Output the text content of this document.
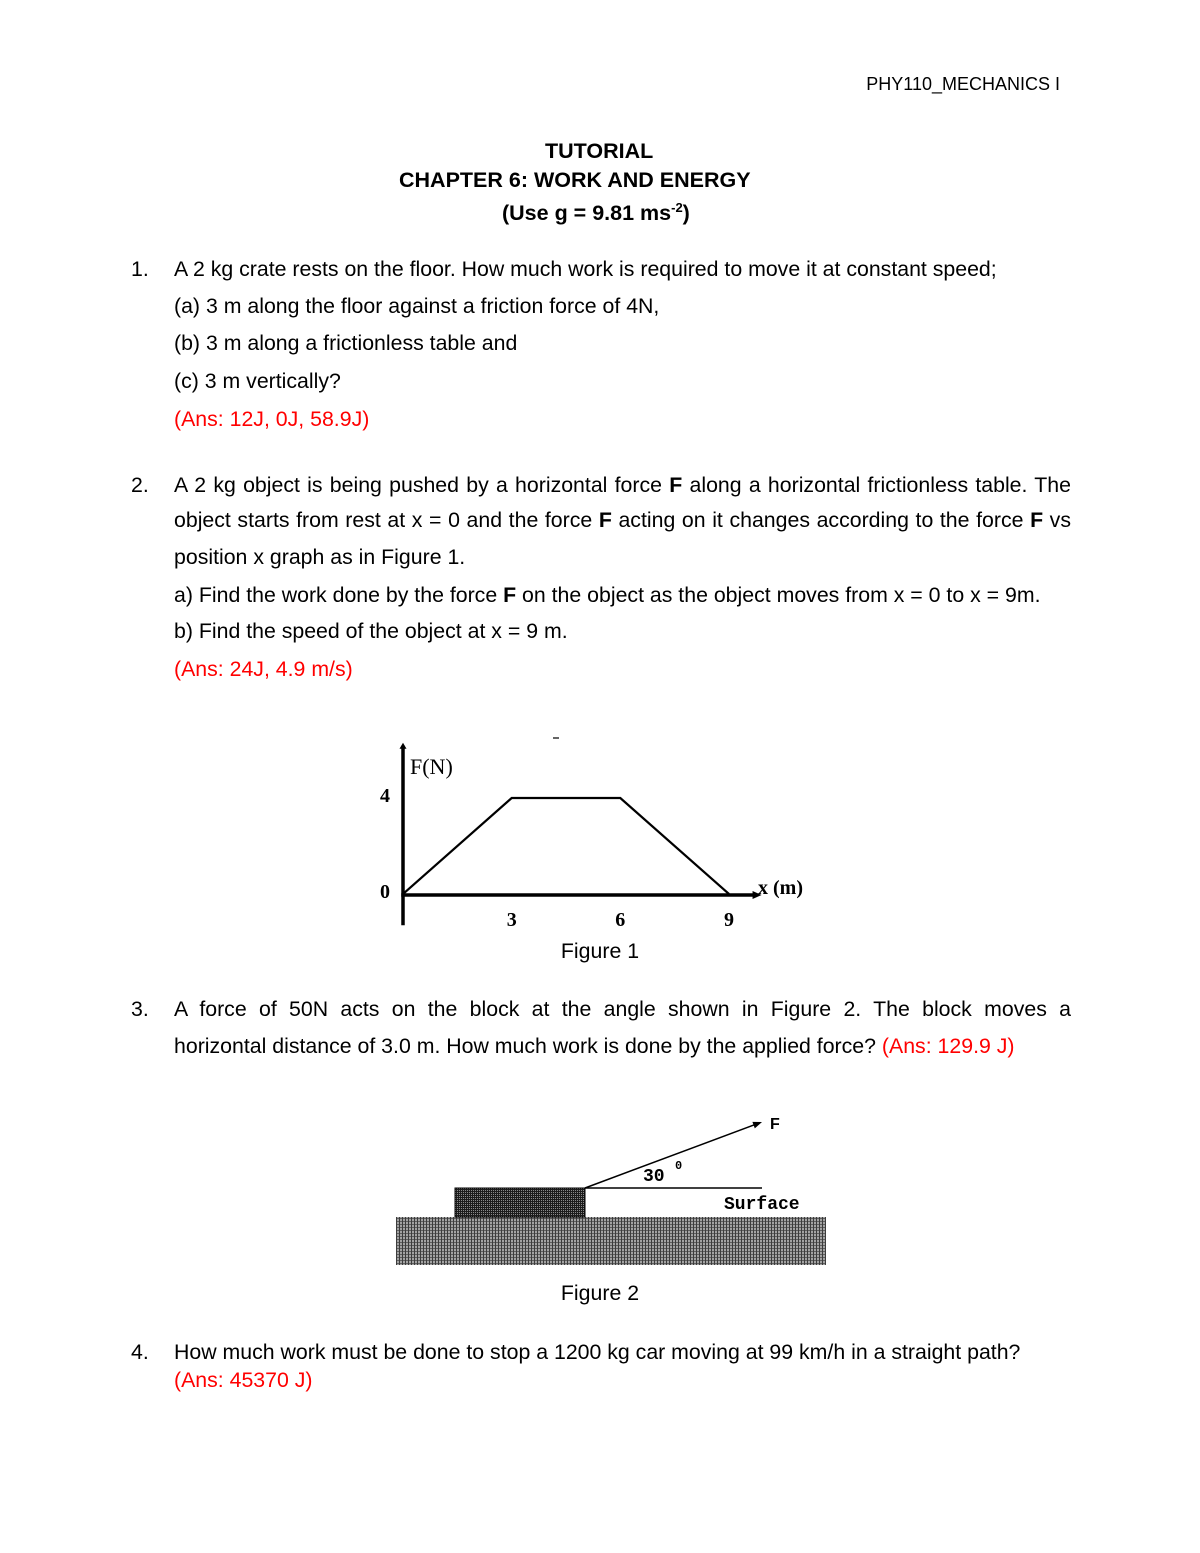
PHY110_MECHANICS I
TUTORIAL
CHAPTER 6: WORK AND ENERGY
(Use g = 9.81 $ms^{-2}$)
1. A 2 kg crate rests on the floor. How much work is required to move it at constant speed;
(a) 3 m along the floor against a friction force of 4N,
(b) 3 m along a frictionless table and
(c) 3 m vertically?
(Ans: 12J, 0J, 58.9J)
2. A 2 kg object is being pushed by a horizontal force F along a horizontal frictionless table. The
object starts from rest at x = 0 and the force F acting on it changes according to the force F vs
position x graph as in Figure 1.
a) Find the work done by the force F on the object as the object moves from x = 0 to x = 9m.
b) Find the speed of the object at x = 9 m.
(Ans: 24J, 4.9 m/s)
3	6	9
4
0
F(N)
x (m)
Figure 1
3. A force of 50N acts on the block at the angle shown in Figure 2. The block moves a
horizontal distance of 3.0 m. How much work is done by the applied force? (Ans: 129.9 J)
F
30
0
Surface
Figure 2
4. How much work must be done to stop a 1200 kg car moving at 99 km/h in a straight path?
(Ans: 45370 J)
